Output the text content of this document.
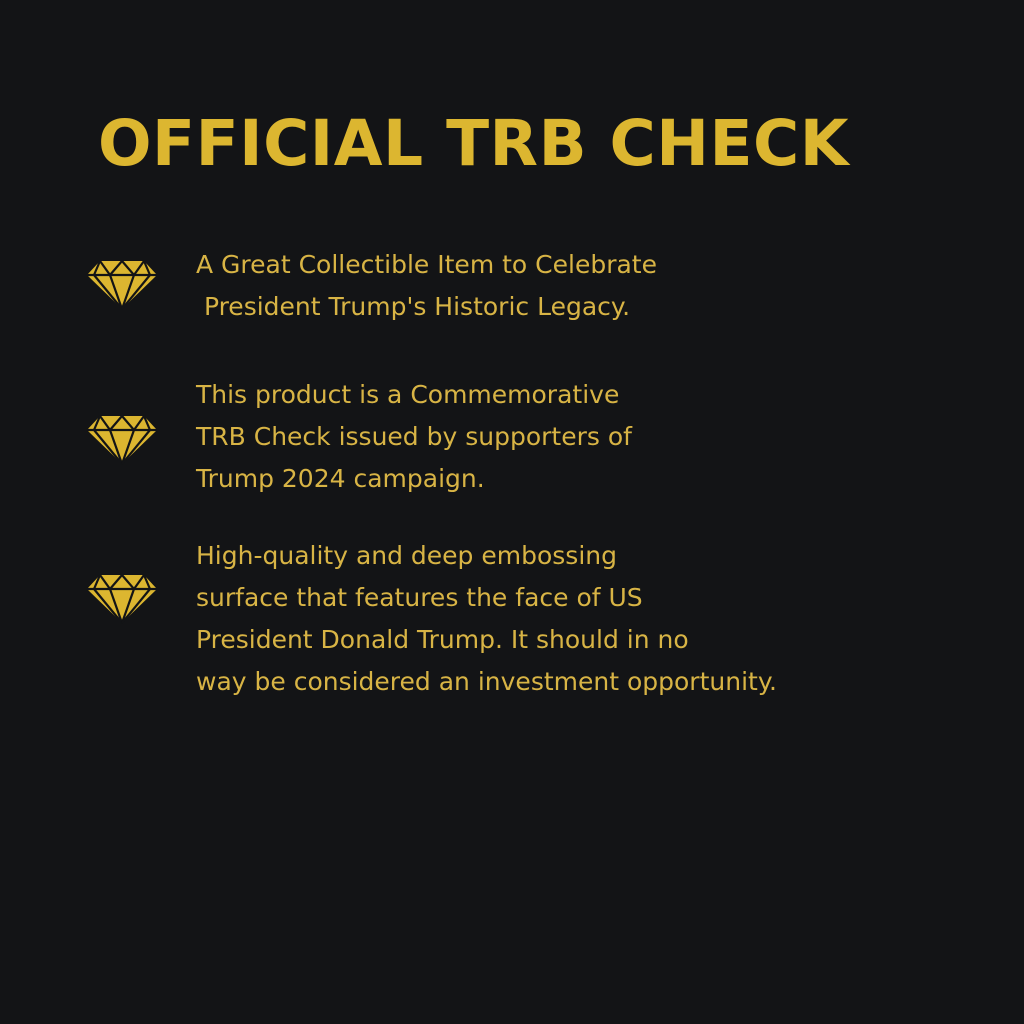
OFFICIAL TRB CHECK

A Great Collectible Item to Celebrate
President Trump's Historic Legacy.

This product is a Commemorative
TRB Check issued by supporters of
Trump 2024 campaign.

High-quality and deep embossing
surface that features the face of US
President Donald Trump. It should in no
way be considered an investment opportunity.
